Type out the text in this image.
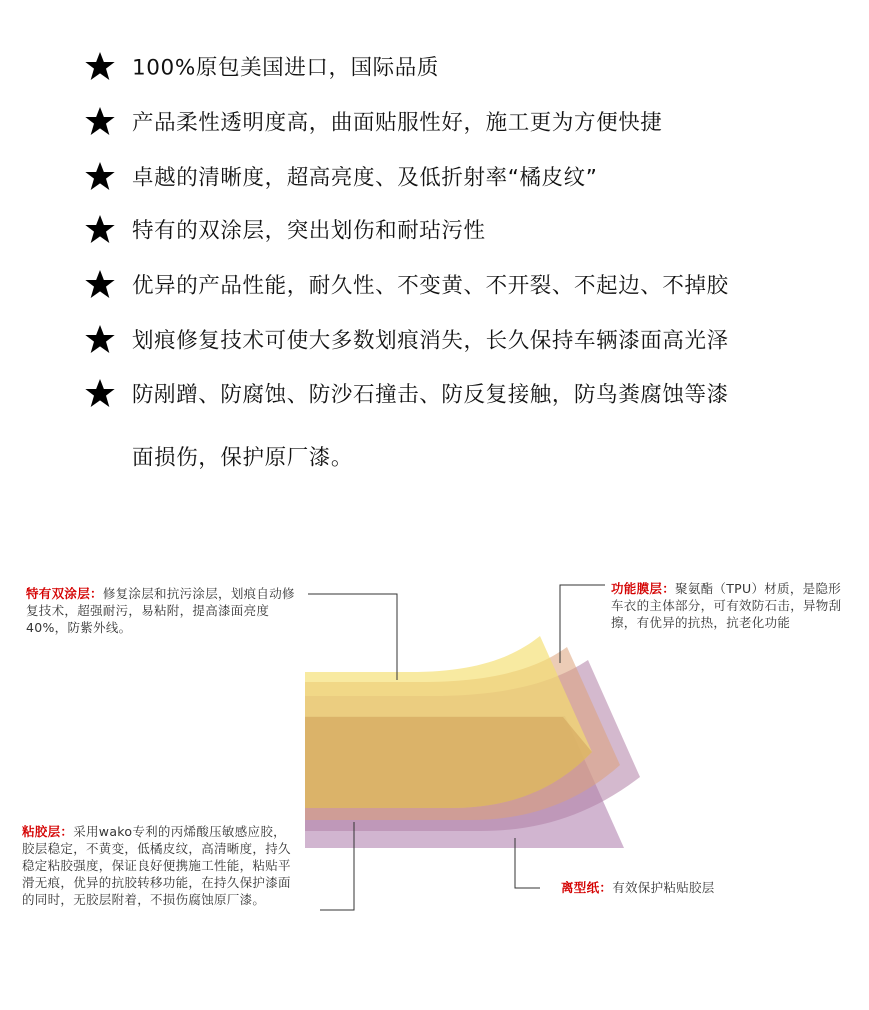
100%原包美国进口，国际品质
产品柔性透明度高，曲面贴服性好，施工更为方便快捷
卓越的清晰度，超高亮度、及低折射率“橘皮纹”
特有的双涂层，突出划伤和耐玷污性
优异的产品性能，耐久性、不变黄、不开裂、不起边、不掉胶
划痕修复技术可使大多数划痕消失，长久保持车辆漆面高光泽
防剐蹭、防腐蚀、防沙石撞击、防反复接触，防鸟粪腐蚀等漆
面损伤，保护原厂漆。
特有双涂层：修复涂层和抗污涂层，划痕自动修复技术，超强耐污，易粘附，提高漆面亮度40%，防紫外线。
功能膜层：聚氨酯（TPU）材质，是隐形车衣的主体部分，可有效防石击，异物刮擦，有优异的抗热，抗老化功能
粘胶层：采用wako专利的丙烯酸压敏感应胶，胶层稳定，不黄变，低橘皮纹，高清晰度，持久稳定粘胶强度，保证良好便携施工性能，粘贴平滑无痕，优异的抗胶转移功能，在持久保护漆面的同时，无胶层附着，不损伤腐蚀原厂漆。
离型纸：有效保护粘贴胶层
